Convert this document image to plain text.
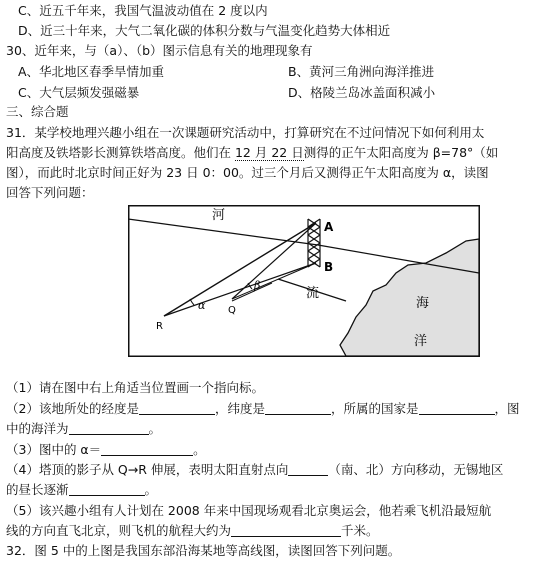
C、近五千年来，我国气温波动值在 2 度以内
D、近三十年来，大气二氧化碳的体积分数与气温变化趋势大体相近
30、近年来，与（a）、（b）图示信息有关的地理现象有
A、华北地区春季旱情加重	B、黄河三角洲向海洋推进
C、大气层频发强磁暴	D、格陵兰岛冰盖面积减小
三、综合题
31．某学校地理兴趣小组在一次课题研究活动中，打算研究在不过问情况下如何利用太
阳高度及铁塔影长测算铁塔高度。他们在 12 月 22 日测得的正午太阳高度为 β=78°（如
图），而此时北京时间正好为 23 日 0：00。过三个月后又测得正午太阳高度为 α，读图
回答下列问题：
河
A
B
R
Q
α
β
流
海
洋
（1）请在图中右上角适当位置画一个指向标。
（2）该地所处的经度是	，纬度是	，所属的国家是	，图
中的海洋为	。
（3）图中的 α＝	。
（4）塔顶的影子从 Q→R 伸展，表明太阳直射点向	（南、北）方向移动，无锡地区
的昼长逐渐	。
（5）该兴趣小组有人计划在 2008 年来中国现场观看北京奥运会，他若乘飞机沿最短航
线的方向直飞北京，则飞机的航程大约为	千米。
32．图 5 中的上图是我国东部沿海某地等高线图，读图回答下列问题。
